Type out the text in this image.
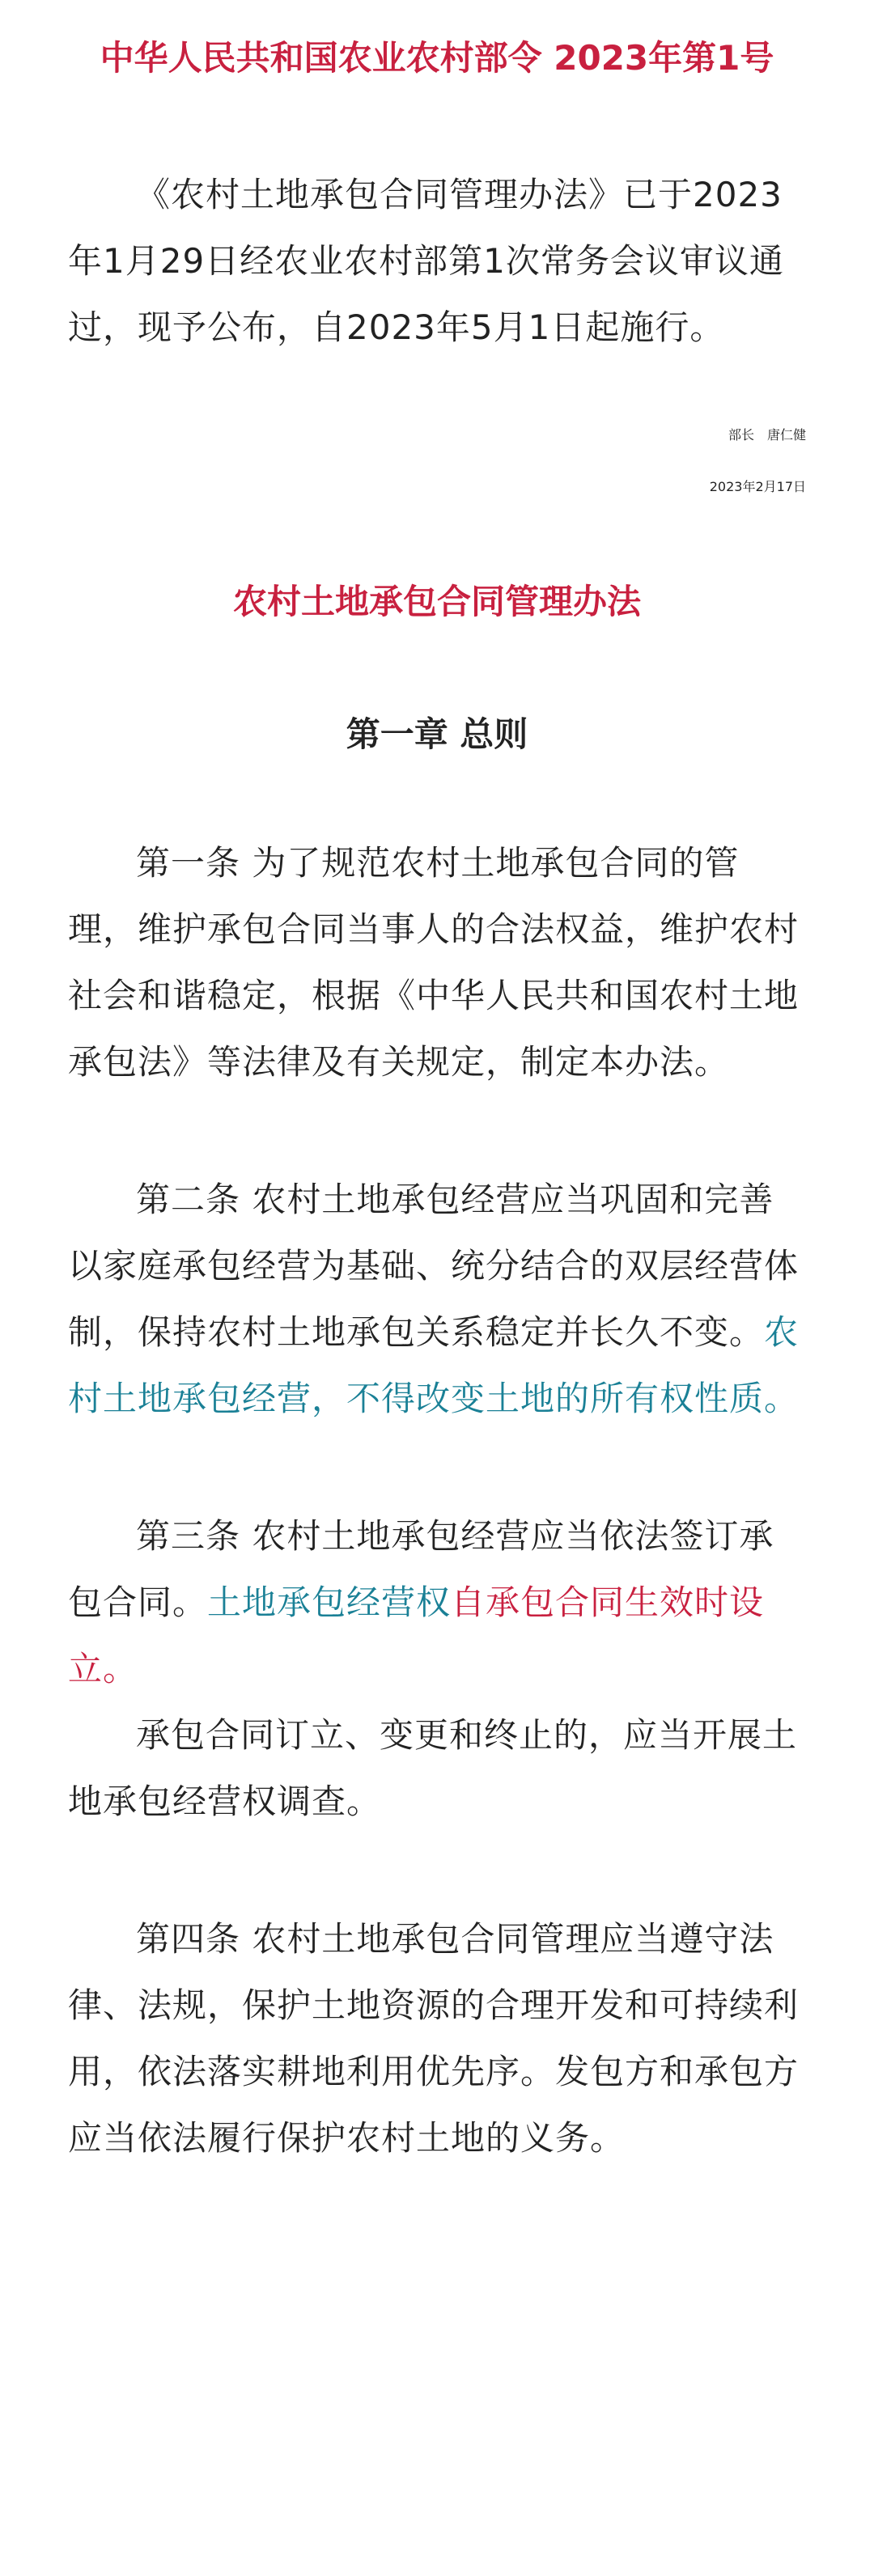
中华人民共和国农业农村部令 2023年第1号

《农村土地承包合同管理办法》已于2023年1月29日经农业农村部第1次常务会议审议通过，现予公布，自2023年5月1日起施行。

部长　唐仁健
2023年2月17日
农村土地承包合同管理办法
第一章 总则

第一条 为了规范农村土地承包合同的管理，维护承包合同当事人的合法权益，维护农村社会和谐稳定，根据《中华人民共和国农村土地承包法》等法律及有关规定，制定本办法。

第二条 农村土地承包经营应当巩固和完善以家庭承包经营为基础、统分结合的双层经营体制，保持农村土地承包关系稳定并长久不变。农村土地承包经营，不得改变土地的所有权性质。

第三条 农村土地承包经营应当依法签订承包合同。土地承包经营权自承包合同生效时设立。

承包合同订立、变更和终止的，应当开展土地承包经营权调查。

第四条 农村土地承包合同管理应当遵守法律、法规，保护土地资源的合理开发和可持续利用，依法落实耕地利用优先序。发包方和承包方应当依法履行保护农村土地的义务。
